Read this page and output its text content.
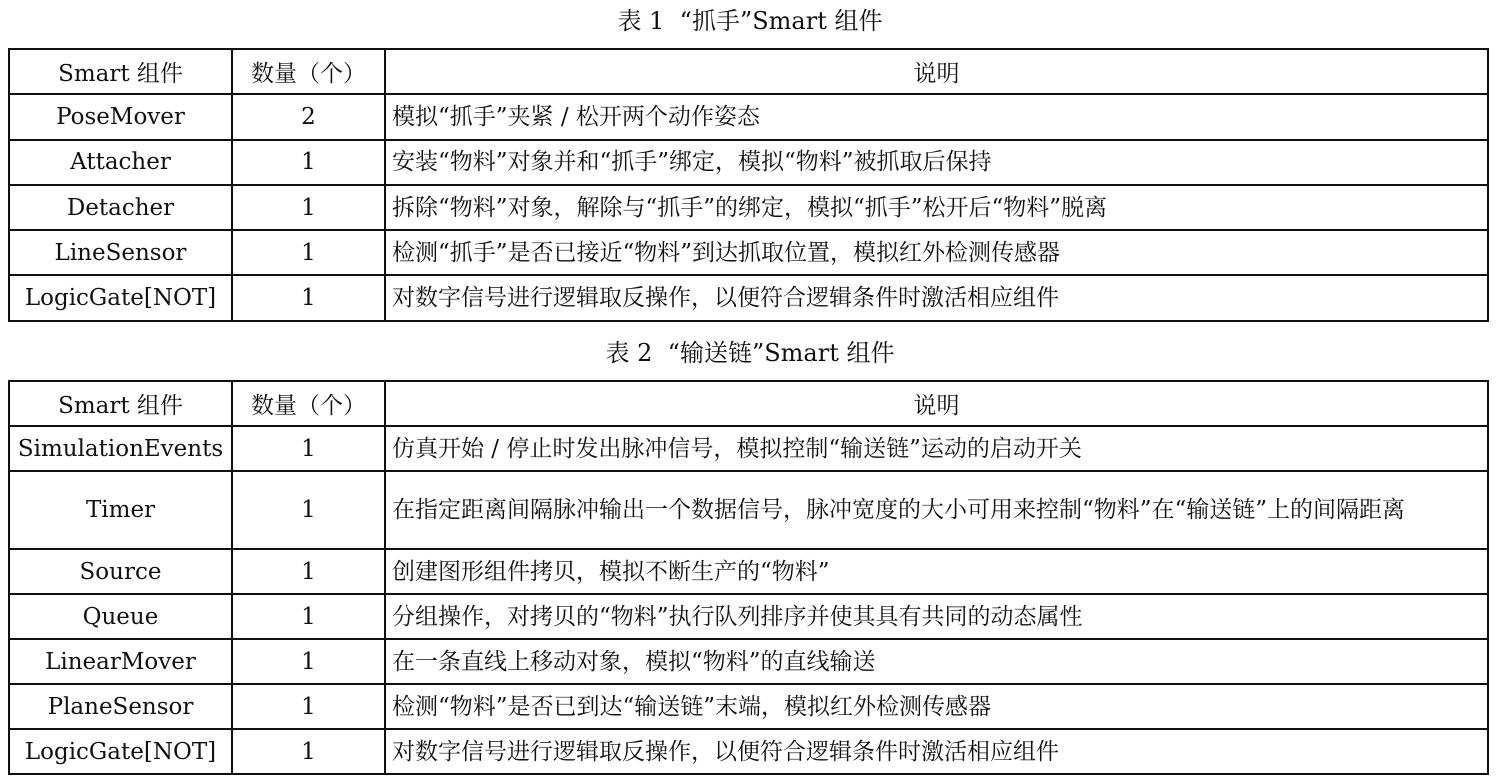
表 1  “抓手”Smart 组件
Smart 组件	数量（个）	说明
PoseMover	2	模拟“抓手”夹紧 / 松开两个动作姿态
Attacher	1	安装“物料”对象并和“抓手”绑定，模拟“物料”被抓取后保持
Detacher	1	拆除“物料”对象，解除与“抓手”的绑定，模拟“抓手”松开后“物料”脱离
LineSensor	1	检测“抓手”是否已接近“物料”到达抓取位置，模拟红外检测传感器
LogicGate[NOT]	1	对数字信号进行逻辑取反操作，以便符合逻辑条件时激活相应组件
表 2  “输送链”Smart 组件
Smart 组件	数量（个）	说明
SimulationEvents	1	仿真开始 / 停止时发出脉冲信号，模拟控制“输送链”运动的启动开关
Timer	1	在指定距离间隔脉冲输出一个数据信号，脉冲宽度的大小可用来控制“物料”在“输送链”上的间隔距离
Source	1	创建图形组件拷贝，模拟不断生产的“物料”
Queue	1	分组操作，对拷贝的“物料”执行队列排序并使其具有共同的动态属性
LinearMover	1	在一条直线上移动对象，模拟“物料”的直线输送
PlaneSensor	1	检测“物料”是否已到达“输送链”末端，模拟红外检测传感器
LogicGate[NOT]	1	对数字信号进行逻辑取反操作，以便符合逻辑条件时激活相应组件
